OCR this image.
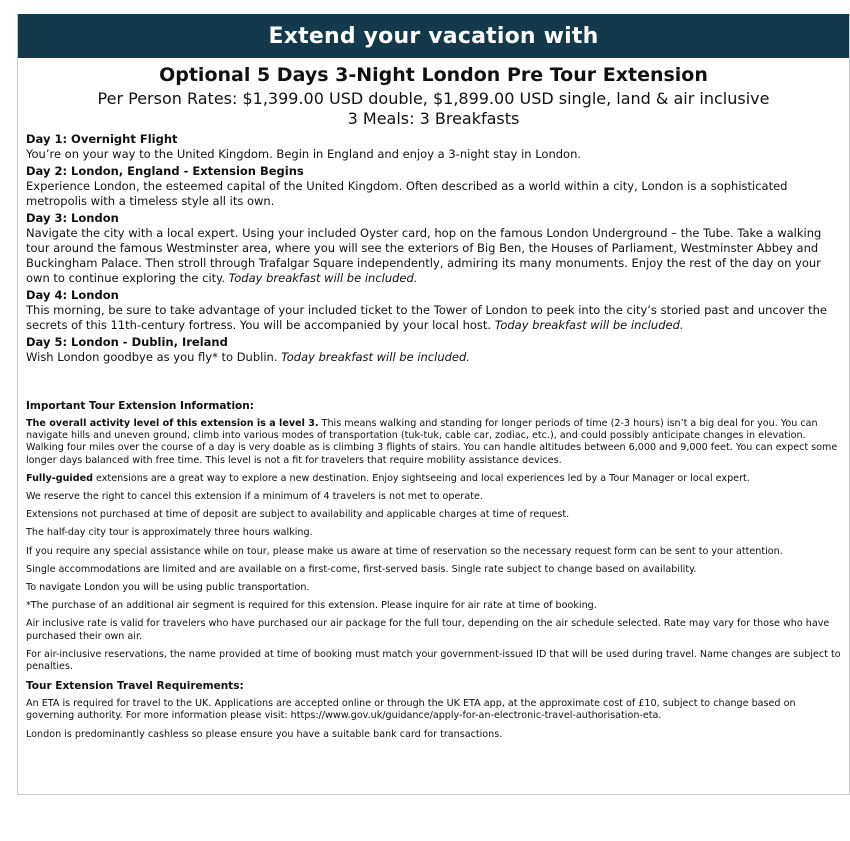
Extend your vacation with
Optional 5 Days 3-Night London Pre Tour Extension
Per Person Rates: $1,399.00 USD double, $1,899.00 USD single, land & air inclusive
3 Meals: 3 Breakfasts
Day 1: Overnight Flight
You’re on your way to the United Kingdom. Begin in England and enjoy a 3-night stay in London.
Day 2: London, England - Extension Begins
Experience London, the esteemed capital of the United Kingdom. Often described as a world within a city, London is a sophisticated metropolis with a timeless style all its own.
Day 3: London
Navigate the city with a local expert. Using your included Oyster card, hop on the famous London Underground – the Tube. Take a walking tour around the famous Westminster area, where you will see the exteriors of Big Ben, the Houses of Parliament, Westminster Abbey and Buckingham Palace. Then stroll through Trafalgar Square independently, admiring its many monuments. Enjoy the rest of the day on your own to continue exploring the city. Today breakfast will be included.
Day 4: London
This morning, be sure to take advantage of your included ticket to the Tower of London to peek into the city’s storied past and uncover the secrets of this 11th-century fortress. You will be accompanied by your local host. Today breakfast will be included.
Day 5: London - Dublin, Ireland
Wish London goodbye as you fly* to Dublin. Today breakfast will be included.
Important Tour Extension Information:
The overall activity level of this extension is a level 3. This means walking and standing for longer periods of time (2-3 hours) isn’t a big deal for you. You can navigate hills and uneven ground, climb into various modes of transportation (tuk-tuk, cable car, zodiac, etc.), and could possibly anticipate changes in elevation. Walking four miles over the course of a day is very doable as is climbing 3 flights of stairs. You can handle altitudes between 6,000 and 9,000 feet. You can expect some longer days balanced with free time. This level is not a fit for travelers that require mobility assistance devices.
Fully-guided extensions are a great way to explore a new destination. Enjoy sightseeing and local experiences led by a Tour Manager or local expert.
We reserve the right to cancel this extension if a minimum of 4 travelers is not met to operate.
Extensions not purchased at time of deposit are subject to availability and applicable charges at time of request.
The half-day city tour is approximately three hours walking.
If you require any special assistance while on tour, please make us aware at time of reservation so the necessary request form can be sent to your attention.
Single accommodations are limited and are available on a first-come, first-served basis. Single rate subject to change based on availability.
To navigate London you will be using public transportation.
*The purchase of an additional air segment is required for this extension. Please inquire for air rate at time of booking.
Air inclusive rate is valid for travelers who have purchased our air package for the full tour, depending on the air schedule selected. Rate may vary for those who have purchased their own air.
For air-inclusive reservations, the name provided at time of booking must match your government-issued ID that will be used during travel. Name changes are subject to penalties.
Tour Extension Travel Requirements:
An ETA is required for travel to the UK. Applications are accepted online or through the UK ETA app, at the approximate cost of £10, subject to change based on governing authority. For more information please visit: https://www.gov.uk/guidance/apply-for-an-electronic-travel-authorisation-eta.
London is predominantly cashless so please ensure you have a suitable bank card for transactions.
